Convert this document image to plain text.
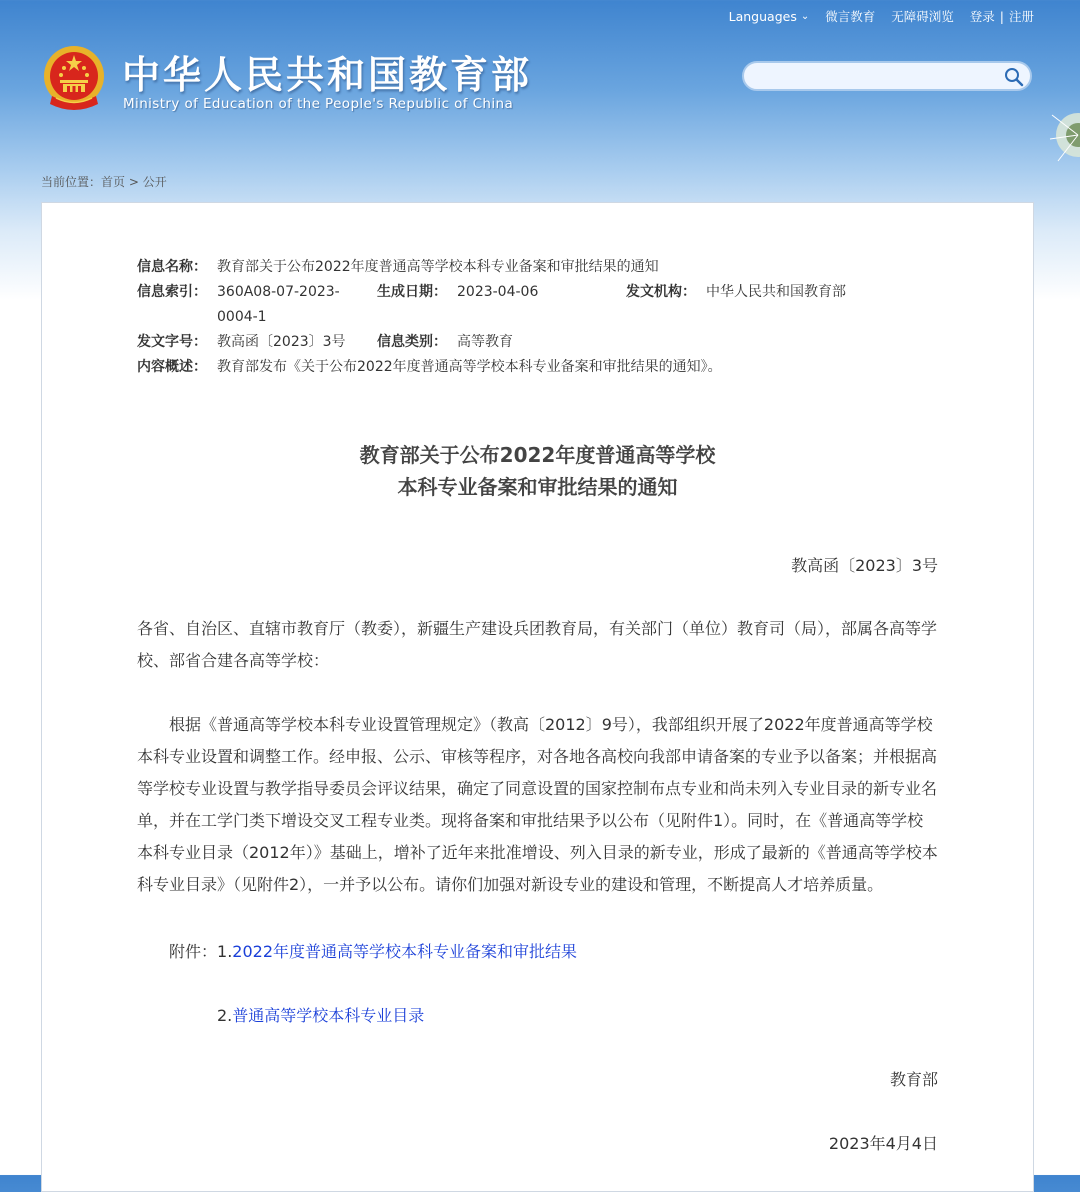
Languages ⌄ 微言教育 无障碍浏览 登录 | 注册
中华人民共和国教育部
Ministry of Education of the People's Republic of China
当前位置：首页 > 公开
信息名称： 教育部关于公布2022年度普通高等学校本科专业备案和审批结果的通知
信息索引： 360A08-07-2023-0004-1
生成日期： 2023-04-06	发文机构： 中华人民共和国教育部
发文字号： 教高函〔2023〕3号 信息类别： 高等教育
内容概述： 教育部发布《关于公布2022年度普通高等学校本科专业备案和审批结果的通知》。
教育部关于公布2022年度普通高等学校
本科专业备案和审批结果的通知
教高函〔2023〕3号

各省、自治区、直辖市教育厅（教委），新疆生产建设兵团教育局，有关部门（单位）教育司（局），部属各高等学校、部省合建各高等学校：

根据《普通高等学校本科专业设置管理规定》（教高〔2012〕9号），我部组织开展了2022年度普通高等学校本科专业设置和调整工作。经申报、公示、审核等程序，对各地各高校向我部申请备案的专业予以备案；并根据高等学校专业设置与教学指导委员会评议结果，确定了同意设置的国家控制布点专业和尚未列入专业目录的新专业名单，并在工学门类下增设交叉工程专业类。现将备案和审批结果予以公布（见附件1）。同时，在《普通高等学校本科专业目录（2012年）》基础上，增补了近年来批准增设、列入目录的新专业，形成了最新的《普通高等学校本科专业目录》（见附件2），一并予以公布。请你们加强对新设专业的建设和管理，不断提高人才培养质量。

附件：1.2022年度普通高等学校本科专业备案和审批结果
2.普通高等学校本科专业目录
教育部
2023年4月4日
